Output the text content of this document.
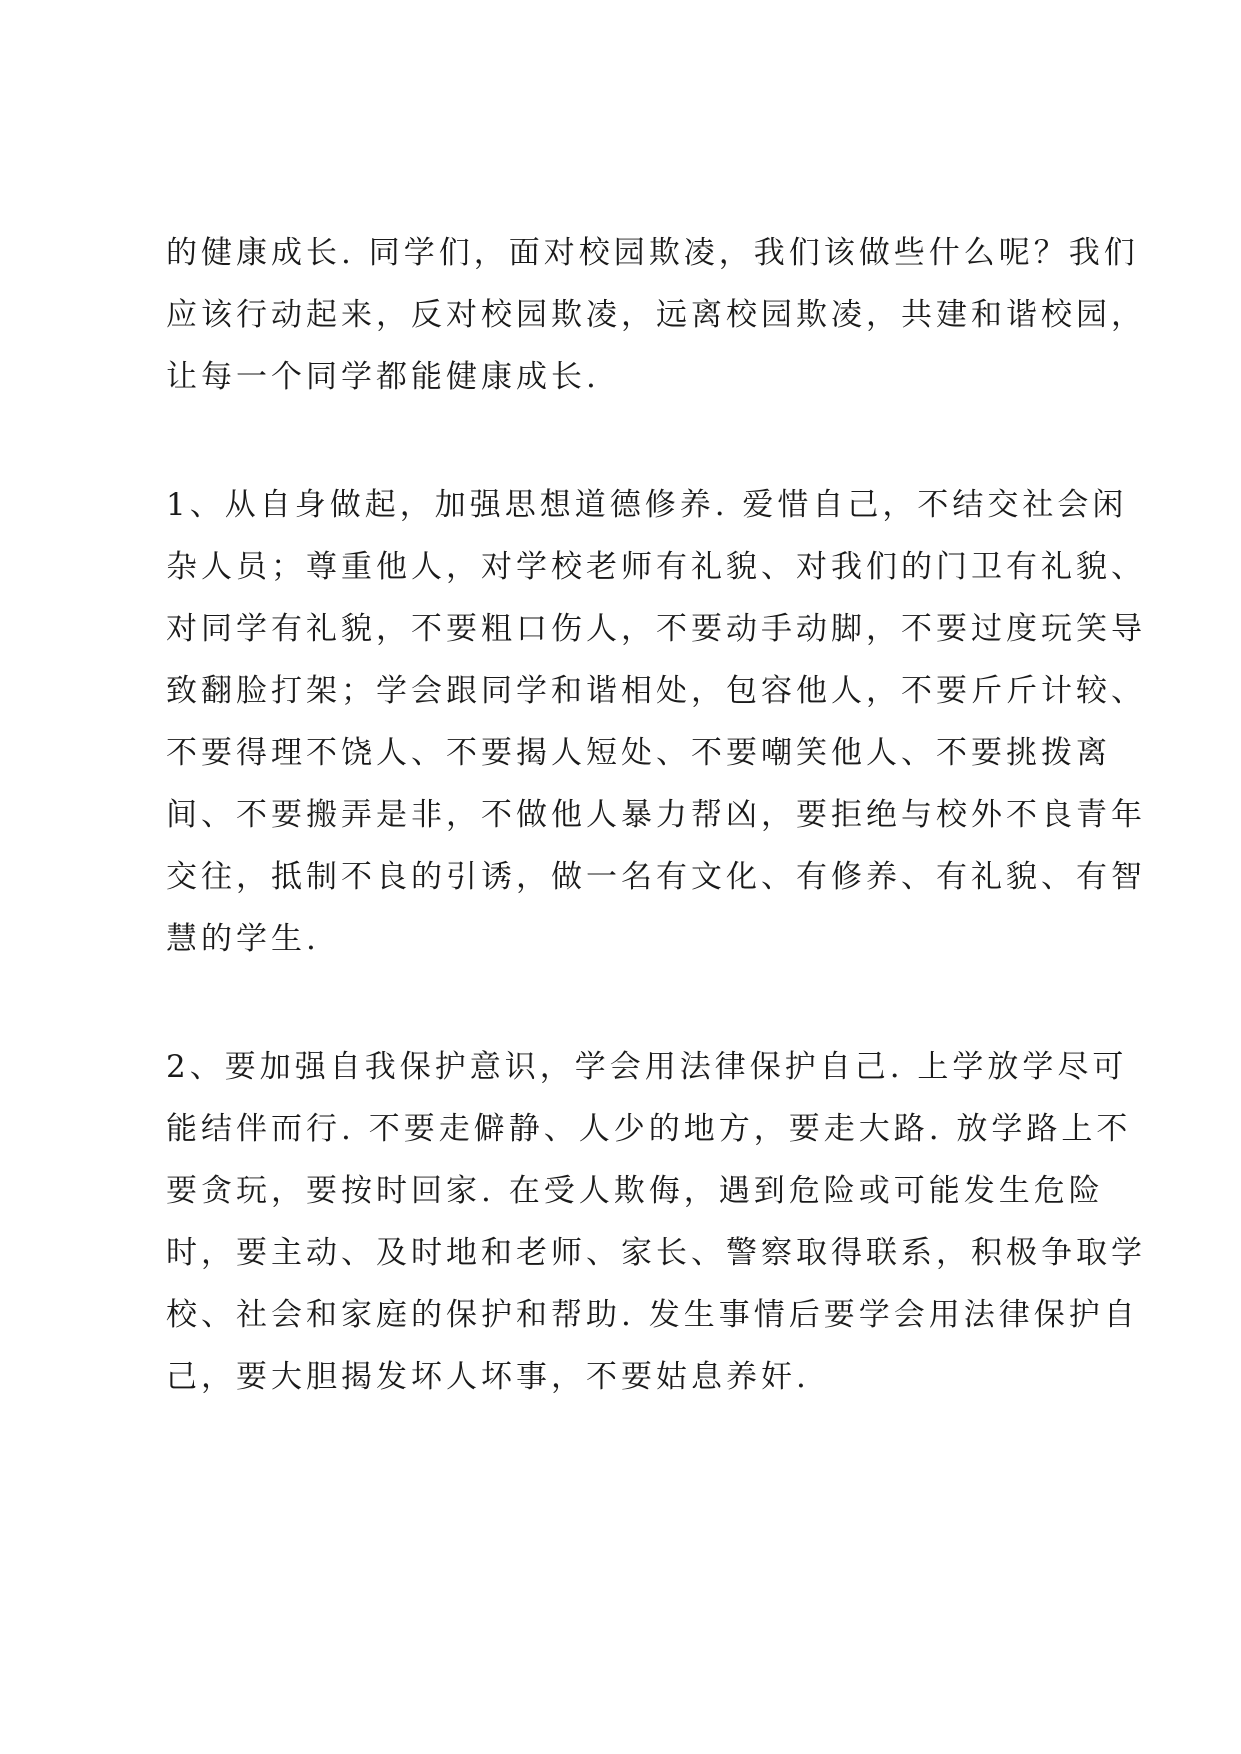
的健康成长. 同学们，面对校园欺凌，我们该做些什么呢？我们
应该行动起来，反对校园欺凌，远离校园欺凌，共建和谐校园，
让每一个同学都能健康成长.
1、从自身做起，加强思想道德修养. 爱惜自己，不结交社会闲
杂人员；尊重他人，对学校老师有礼貌、对我们的门卫有礼貌、
对同学有礼貌，不要粗口伤人，不要动手动脚，不要过度玩笑导
致翻脸打架；学会跟同学和谐相处，包容他人，不要斤斤计较、
不要得理不饶人、不要揭人短处、不要嘲笑他人、不要挑拨离
间、不要搬弄是非，不做他人暴力帮凶，要拒绝与校外不良青年
交往，抵制不良的引诱，做一名有文化、有修养、有礼貌、有智
慧的学生.
2、要加强自我保护意识，学会用法律保护自己. 上学放学尽可
能结伴而行. 不要走僻静、人少的地方，要走大路. 放学路上不
要贪玩，要按时回家. 在受人欺侮，遇到危险或可能发生危险
时，要主动、及时地和老师、家长、警察取得联系，积极争取学
校、社会和家庭的保护和帮助. 发生事情后要学会用法律保护自
己，要大胆揭发坏人坏事，不要姑息养奸.
